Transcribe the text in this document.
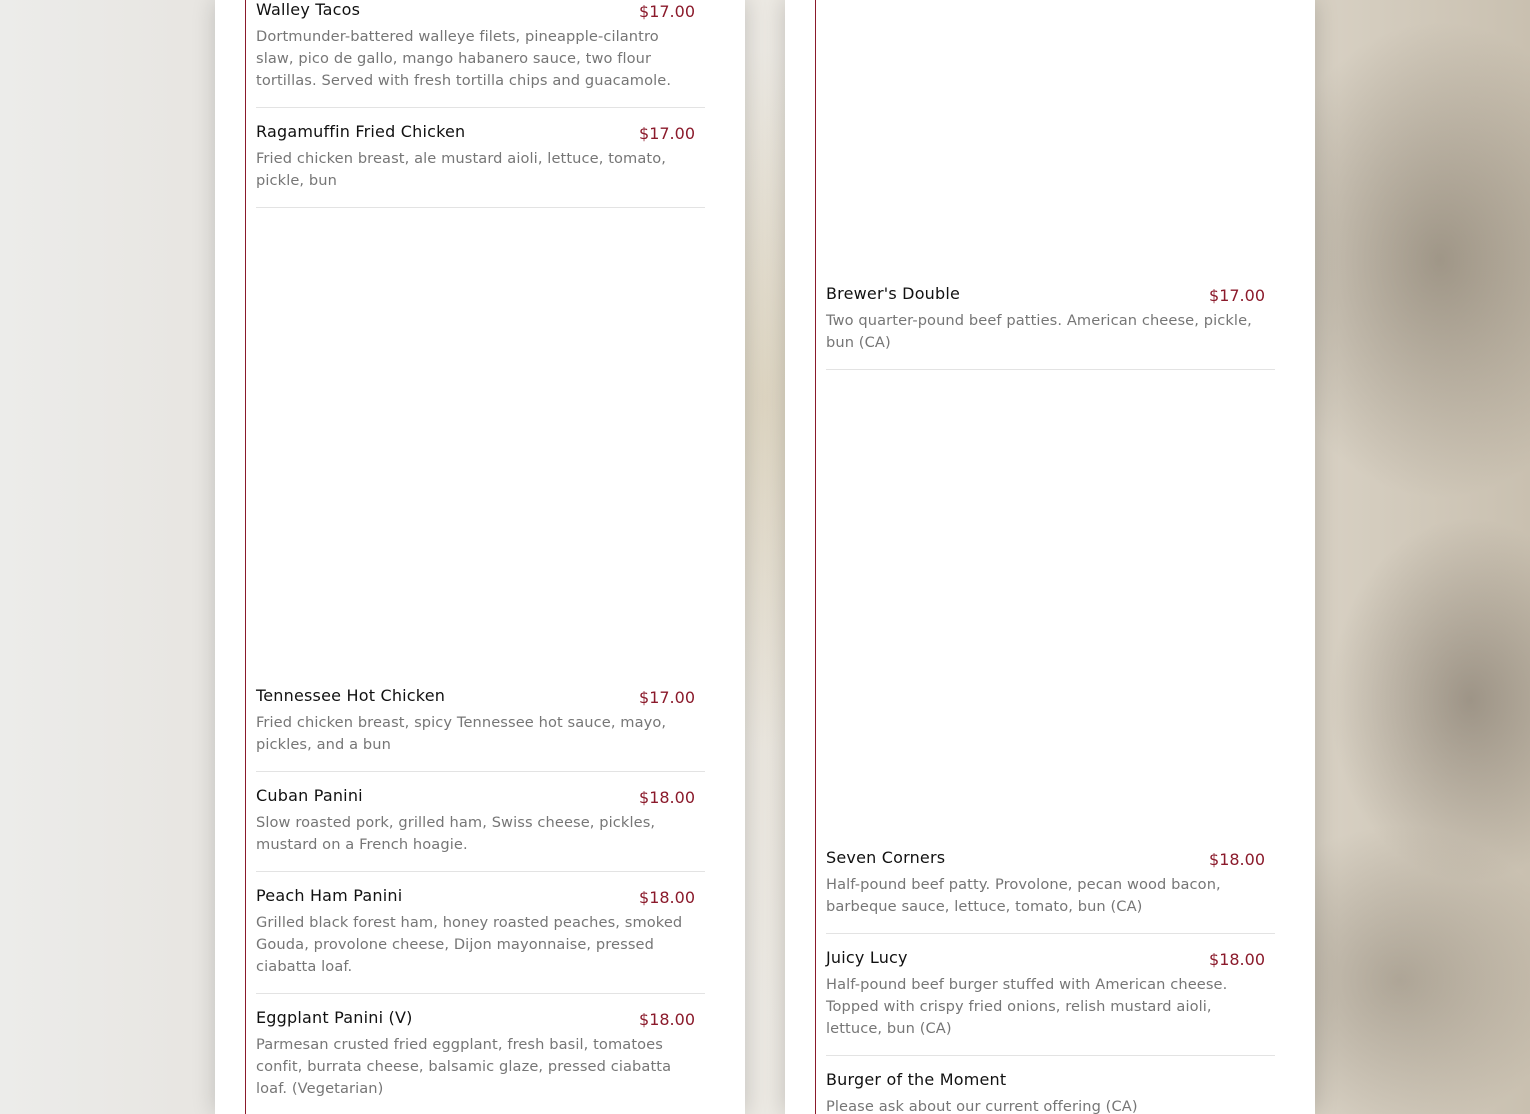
Walley Tacos	$17.00
Dortmunder-battered walleye filets, pineapple-cilantro slaw, pico de gallo, mango habanero sauce, two flour tortillas. Served with fresh tortilla chips and guacamole.
Ragamuffin Fried Chicken	$17.00
Fried chicken breast, ale mustard aioli, lettuce, tomato, pickle, bun
Tennessee Hot Chicken	$17.00
Fried chicken breast, spicy Tennessee hot sauce, mayo, pickles, and a bun
Cuban Panini	$18.00
Slow roasted pork, grilled ham, Swiss cheese, pickles, mustard on a French hoagie.
Peach Ham Panini	$18.00
Grilled black forest ham, honey roasted peaches, smoked Gouda, provolone cheese, Dijon mayonnaise, pressed ciabatta loaf.
Eggplant Panini (V)	$18.00
Parmesan crusted fried eggplant, fresh basil, tomatoes confit, burrata cheese, balsamic glaze, pressed ciabatta loaf. (Vegetarian)
Brewer's Double	$17.00
Two quarter-pound beef patties. American cheese, pickle, bun (CA)
Seven Corners	$18.00
Half-pound beef patty. Provolone, pecan wood bacon, barbeque sauce, lettuce, tomato, bun (CA)
Juicy Lucy	$18.00
Half-pound beef burger stuffed with American cheese. Topped with crispy fried onions, relish mustard aioli, lettuce, bun (CA)
Burger of the Moment
Please ask about our current offering (CA)
